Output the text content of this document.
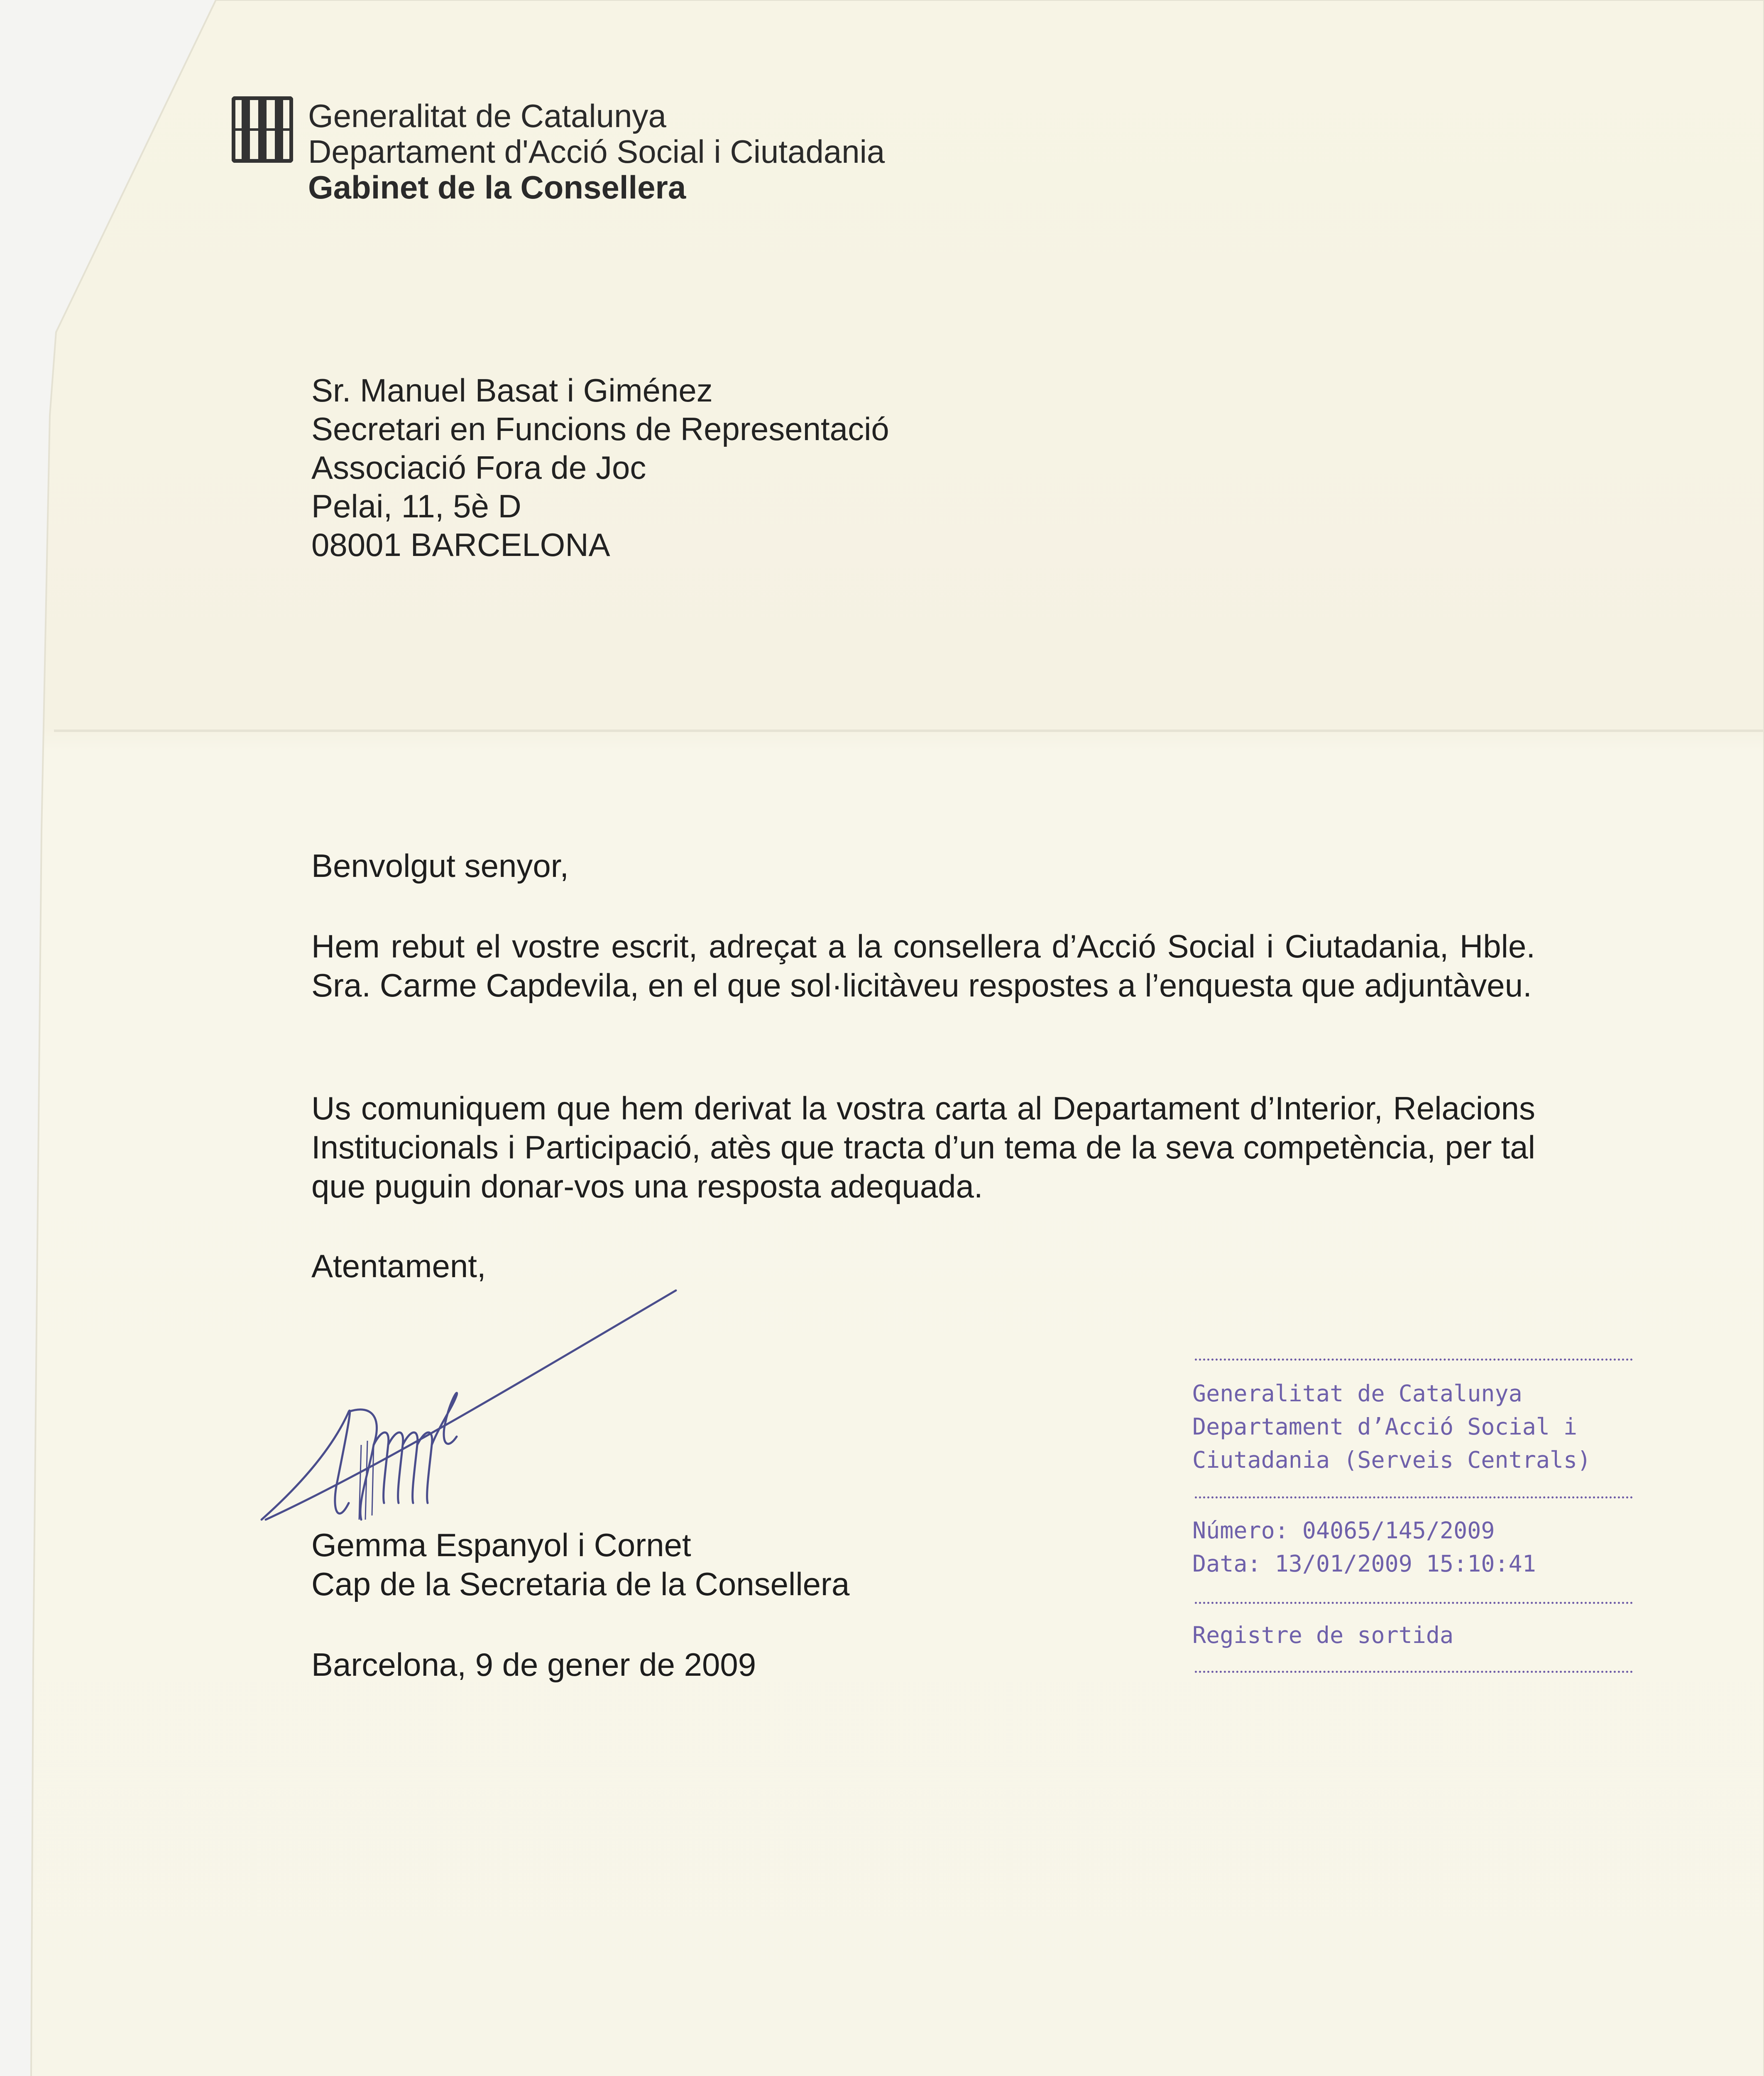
Generalitat de Catalunya
Departament d'Acció Social i Ciutadania
Gabinet de la Consellera
Sr. Manuel Basat i Giménez
Secretari en Funcions de Representació
Associació Fora de Joc
Pelai, 11, 5è D
08001 BARCELONA
Benvolgut senyor,
Hem rebut el vostre escrit, adreçat a la consellera d’Acció Social i Ciutadania, Hble. Sra. Carme Capdevila, en el que sol·licitàveu respostes a l’enquesta que adjuntàveu.
Us comuniquem que hem derivat la vostra carta al Departament d’Interior, Relacions Institucionals i Participació, atès que tracta d’un tema de la seva competència, per tal que puguin donar-vos una resposta adequada.
Atentament,
Gemma Espanyol i Cornet
Cap de la Secretaria de la Consellera
Barcelona, 9 de gener de 2009
Generalitat de Catalunya
Departament d’Acció Social i
Ciutadania (Serveis Centrals)
Número: 04065/145/2009
Data: 13/01/2009 15:10:41
Registre de sortida
